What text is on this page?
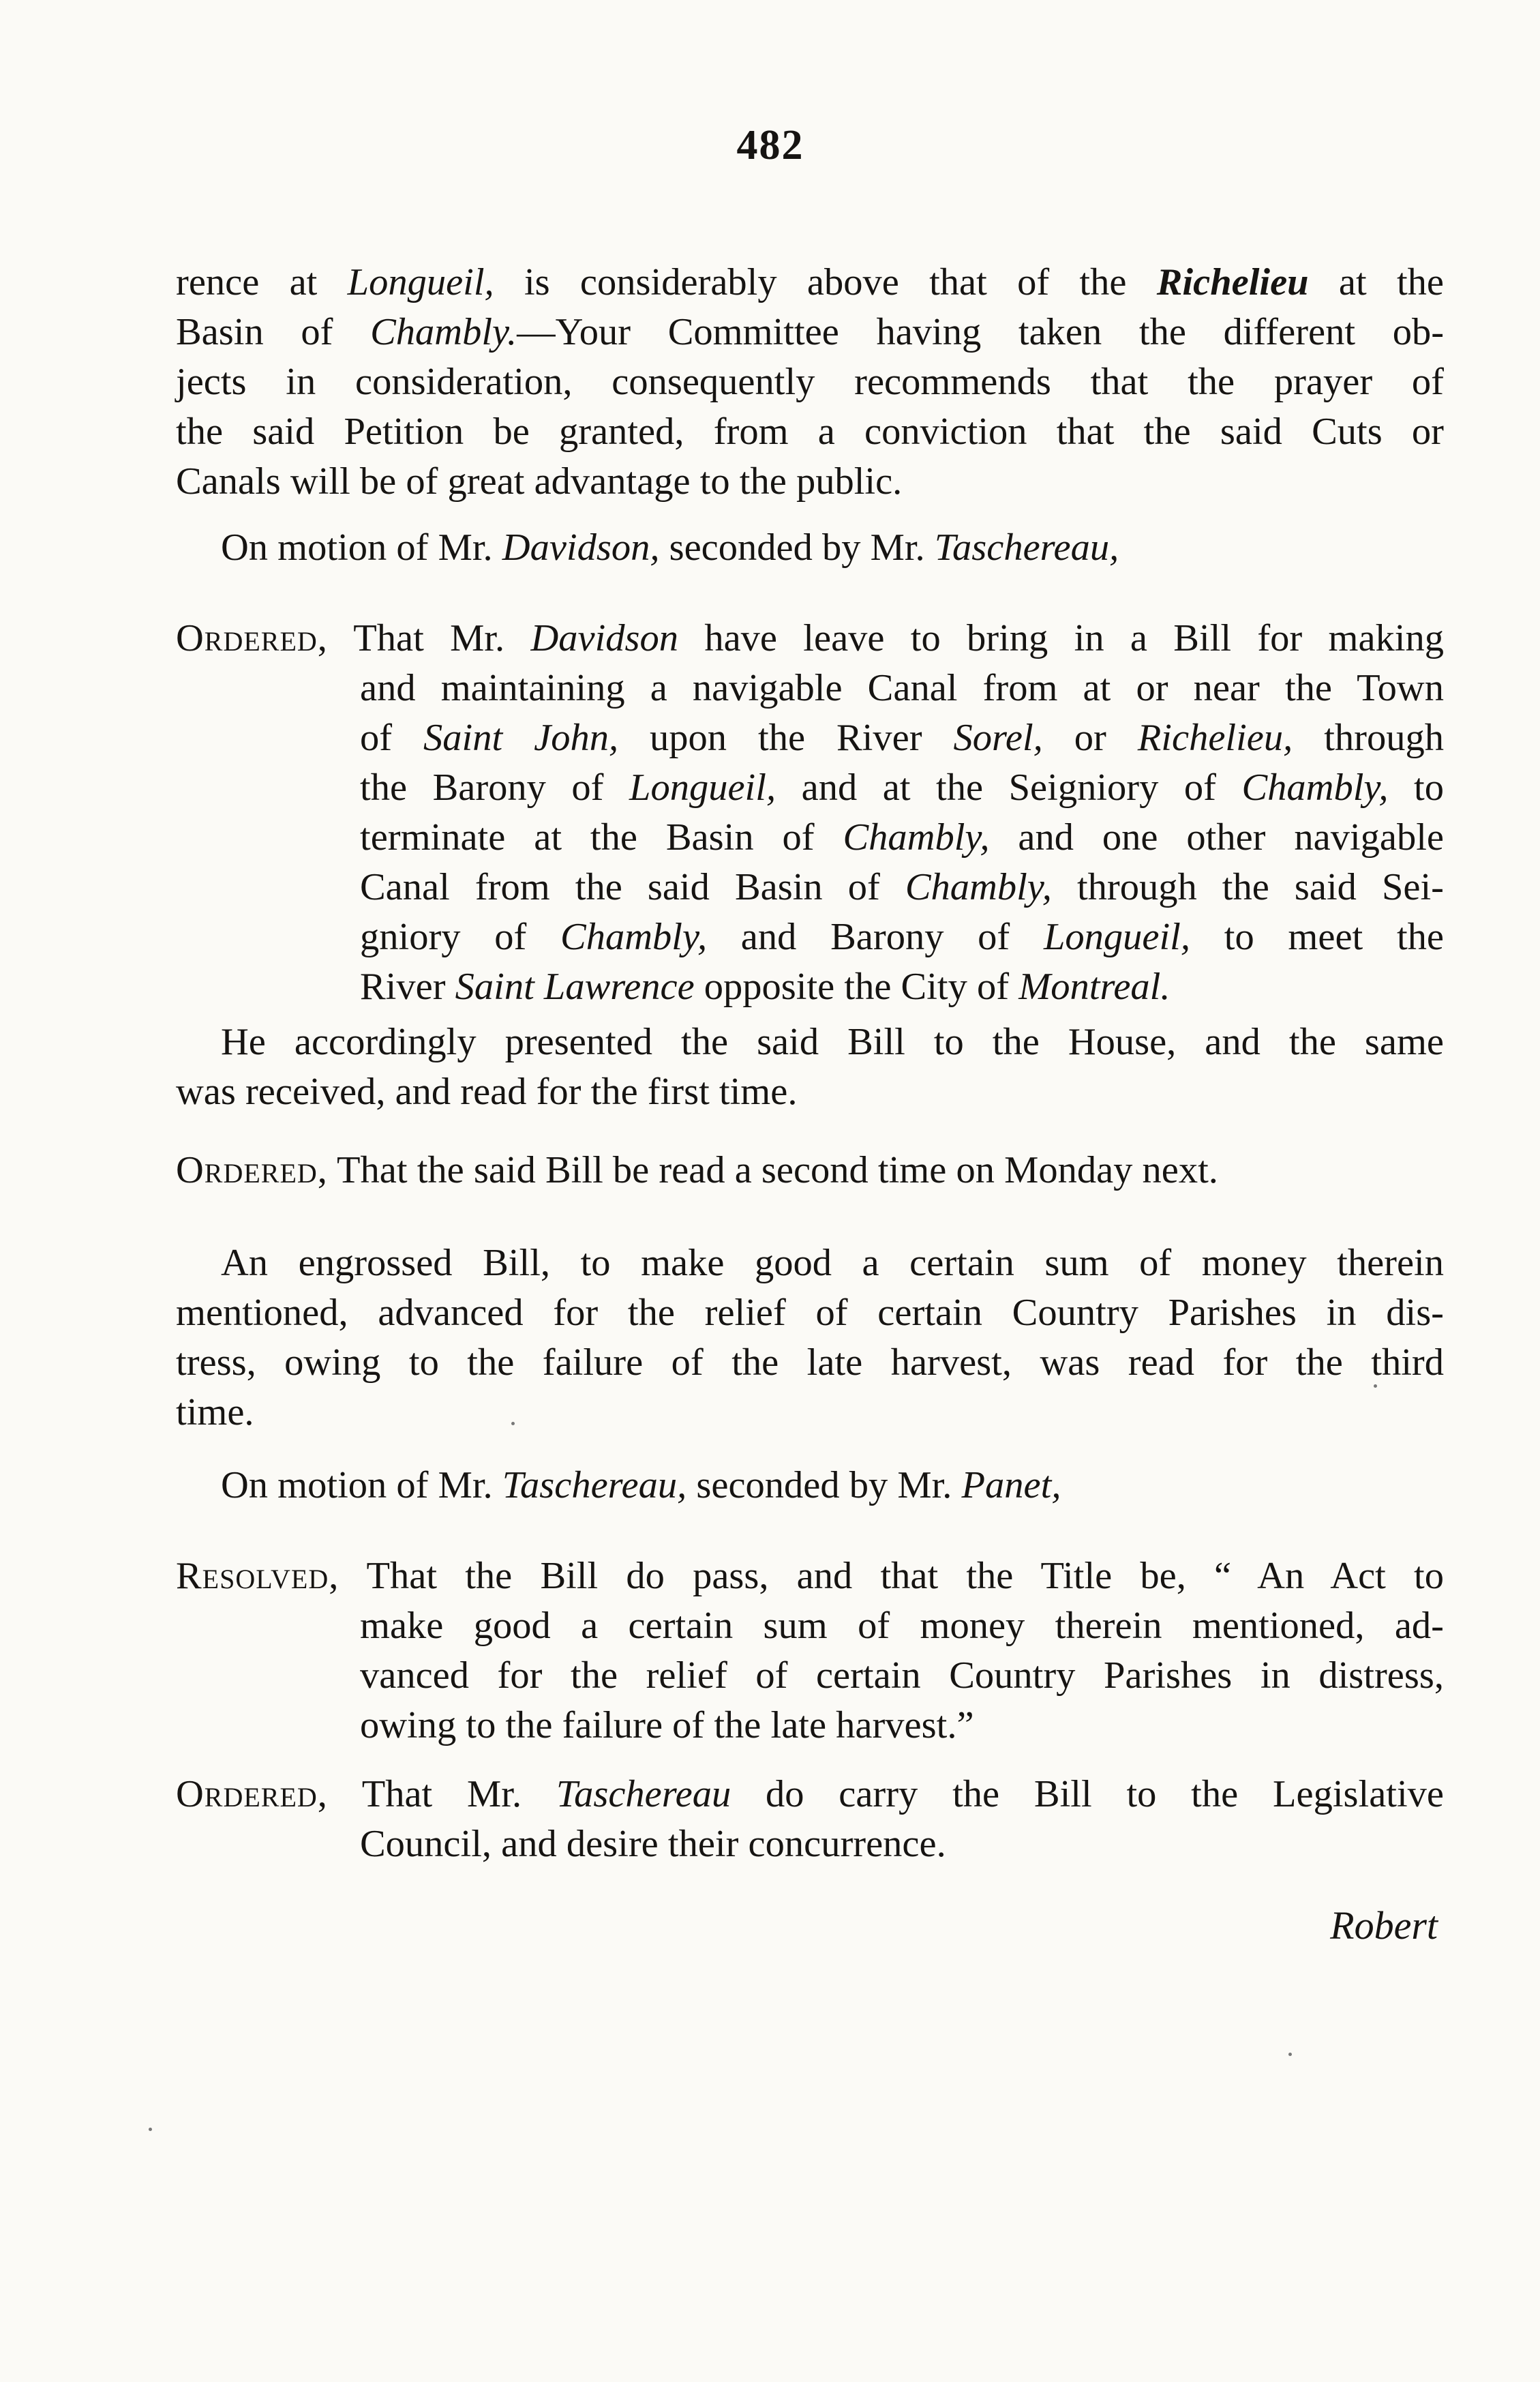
482
rence at Longueil, is considerably above that of the Richelieu at the
Basin of Chambly.—Your Committee having taken the different ob-
jects in consideration, consequently recommends that the prayer of
the said Petition be granted, from a conviction that the said Cuts or
Canals will be of great advantage to the public.
On motion of Mr. Davidson, seconded by Mr. Taschereau,
Ordered, That Mr. Davidson have leave to bring in a Bill for making
and maintaining a navigable Canal from at or near the Town
of Saint John, upon the River Sorel, or Richelieu, through
the Barony of Longueil, and at the Seigniory of Chambly, to
terminate at the Basin of Chambly, and one other navigable
Canal from the said Basin of Chambly, through the said Sei-
gniory of Chambly, and Barony of Longueil, to meet the
River Saint Lawrence opposite the City of Montreal.
He accordingly presented the said Bill to the House, and the same
was received, and read for the first time.
Ordered, That the said Bill be read a second time on Monday next.
An engrossed Bill, to make good a certain sum of money therein
mentioned, advanced for the relief of certain Country Parishes in dis-
tress, owing to the failure of the late harvest, was read for the third
time.
On motion of Mr. Taschereau, seconded by Mr. Panet,
Resolved, That the Bill do pass, and that the Title be, “ An Act to
make good a certain sum of money therein mentioned, ad-
vanced for the relief of certain Country Parishes in distress,
owing to the failure of the late harvest.”
Ordered, That Mr. Taschereau do carry the Bill to the Legislative
Council, and desire their concurrence.
Robert
